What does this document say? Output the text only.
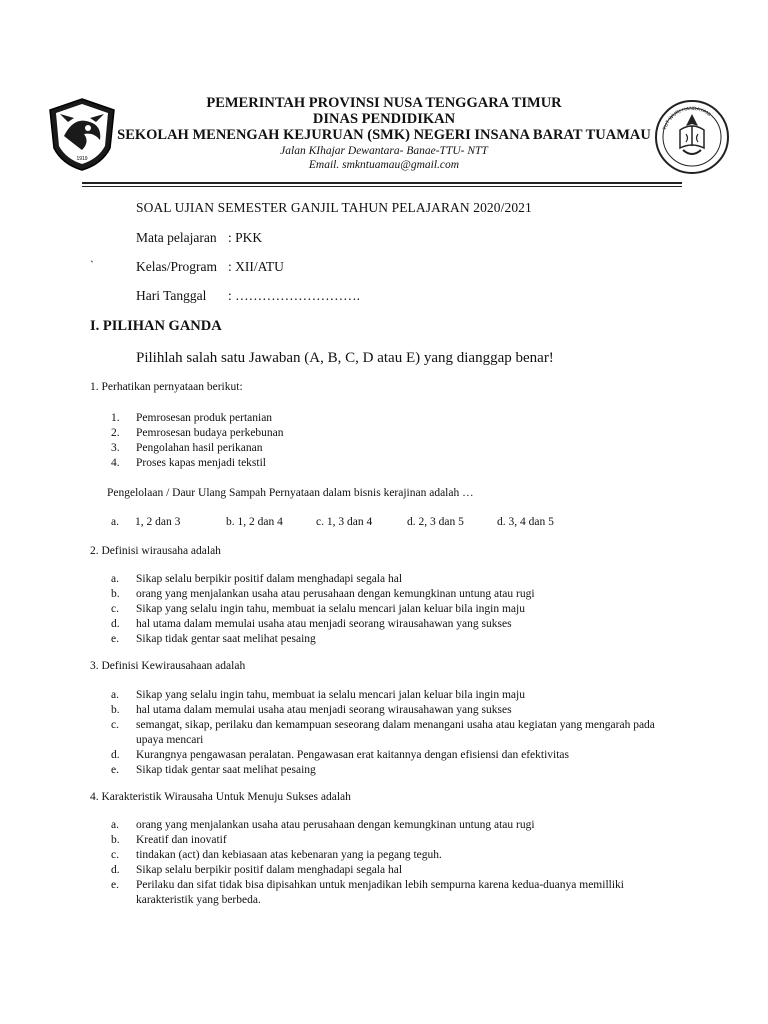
1919
PEMERINTAH PROVINSI NUSA TENGGARA TIMUR
DINAS PENDIDIKAN
SEKOLAH MENENGAH KEJURUAN (SMK) NEGERI INSANA BARAT TUAMAU
Jalan KIhajar Dewantara- Banae-TTU- NTT
Email. smkntuamau@gmail.com
TUT WURI HANDAYANI
SOAL UJIAN SEMESTER GANJIL TAHUN PELAJARAN 2020/2021
Mata pelajaran : PKK
`	Kelas/Program : XII/ATU
Hari Tanggal : ……………………….
I. PILIHAN GANDA
Pilihlah salah satu Jawaban (A, B, C, D atau E) yang dianggap benar!
1. Perhatikan pernyataan berikut:
1.	Pemrosesan produk pertanian
2.	Pemrosesan budaya perkebunan
3.	Pengolahan hasil perikanan
4.	Proses kapas menjadi tekstil
Pengelolaan / Daur Ulang Sampah Pernyataan dalam bisnis kerajinan adalah …
a. 1, 2 dan 3	b. 1, 2 dan 4	c. 1, 3 dan 4	d. 2, 3 dan 5	d. 3, 4 dan 5
2. Definisi wirausaha adalah
a.	Sikap selalu berpikir positif dalam menghadapi segala hal
b.	orang yang menjalankan usaha atau perusahaan dengan kemungkinan untung atau rugi
c.	Sikap yang selalu ingin tahu, membuat ia selalu mencari jalan keluar bila ingin maju
d.	hal utama dalam memulai usaha atau menjadi seorang wirausahawan yang sukses
e.	Sikap tidak gentar saat melihat pesaing
3. Definisi Kewirausahaan adalah
a.	Sikap yang selalu ingin tahu, membuat ia selalu mencari jalan keluar bila ingin maju
b.	hal utama dalam memulai usaha atau menjadi seorang wirausahawan yang sukses
c.	semangat, sikap, perilaku dan kemampuan seseorang dalam menangani usaha atau kegiatan yang mengarah pada upaya mencari
d.	Kurangnya pengawasan peralatan. Pengawasan erat kaitannya dengan efisiensi dan efektivitas
e.	Sikap tidak gentar saat melihat pesaing
4. Karakteristik Wirausaha Untuk Menuju Sukses adalah
a.	orang yang menjalankan usaha atau perusahaan dengan kemungkinan untung atau rugi
b.	Kreatif dan inovatif
c.	tindakan (act) dan kebiasaan atas kebenaran yang ia pegang teguh.
d.	Sikap selalu berpikir positif dalam menghadapi segala hal
e.	Perilaku dan sifat tidak bisa dipisahkan untuk menjadikan lebih sempurna karena kedua-duanya memilliki karakteristik yang berbeda.
